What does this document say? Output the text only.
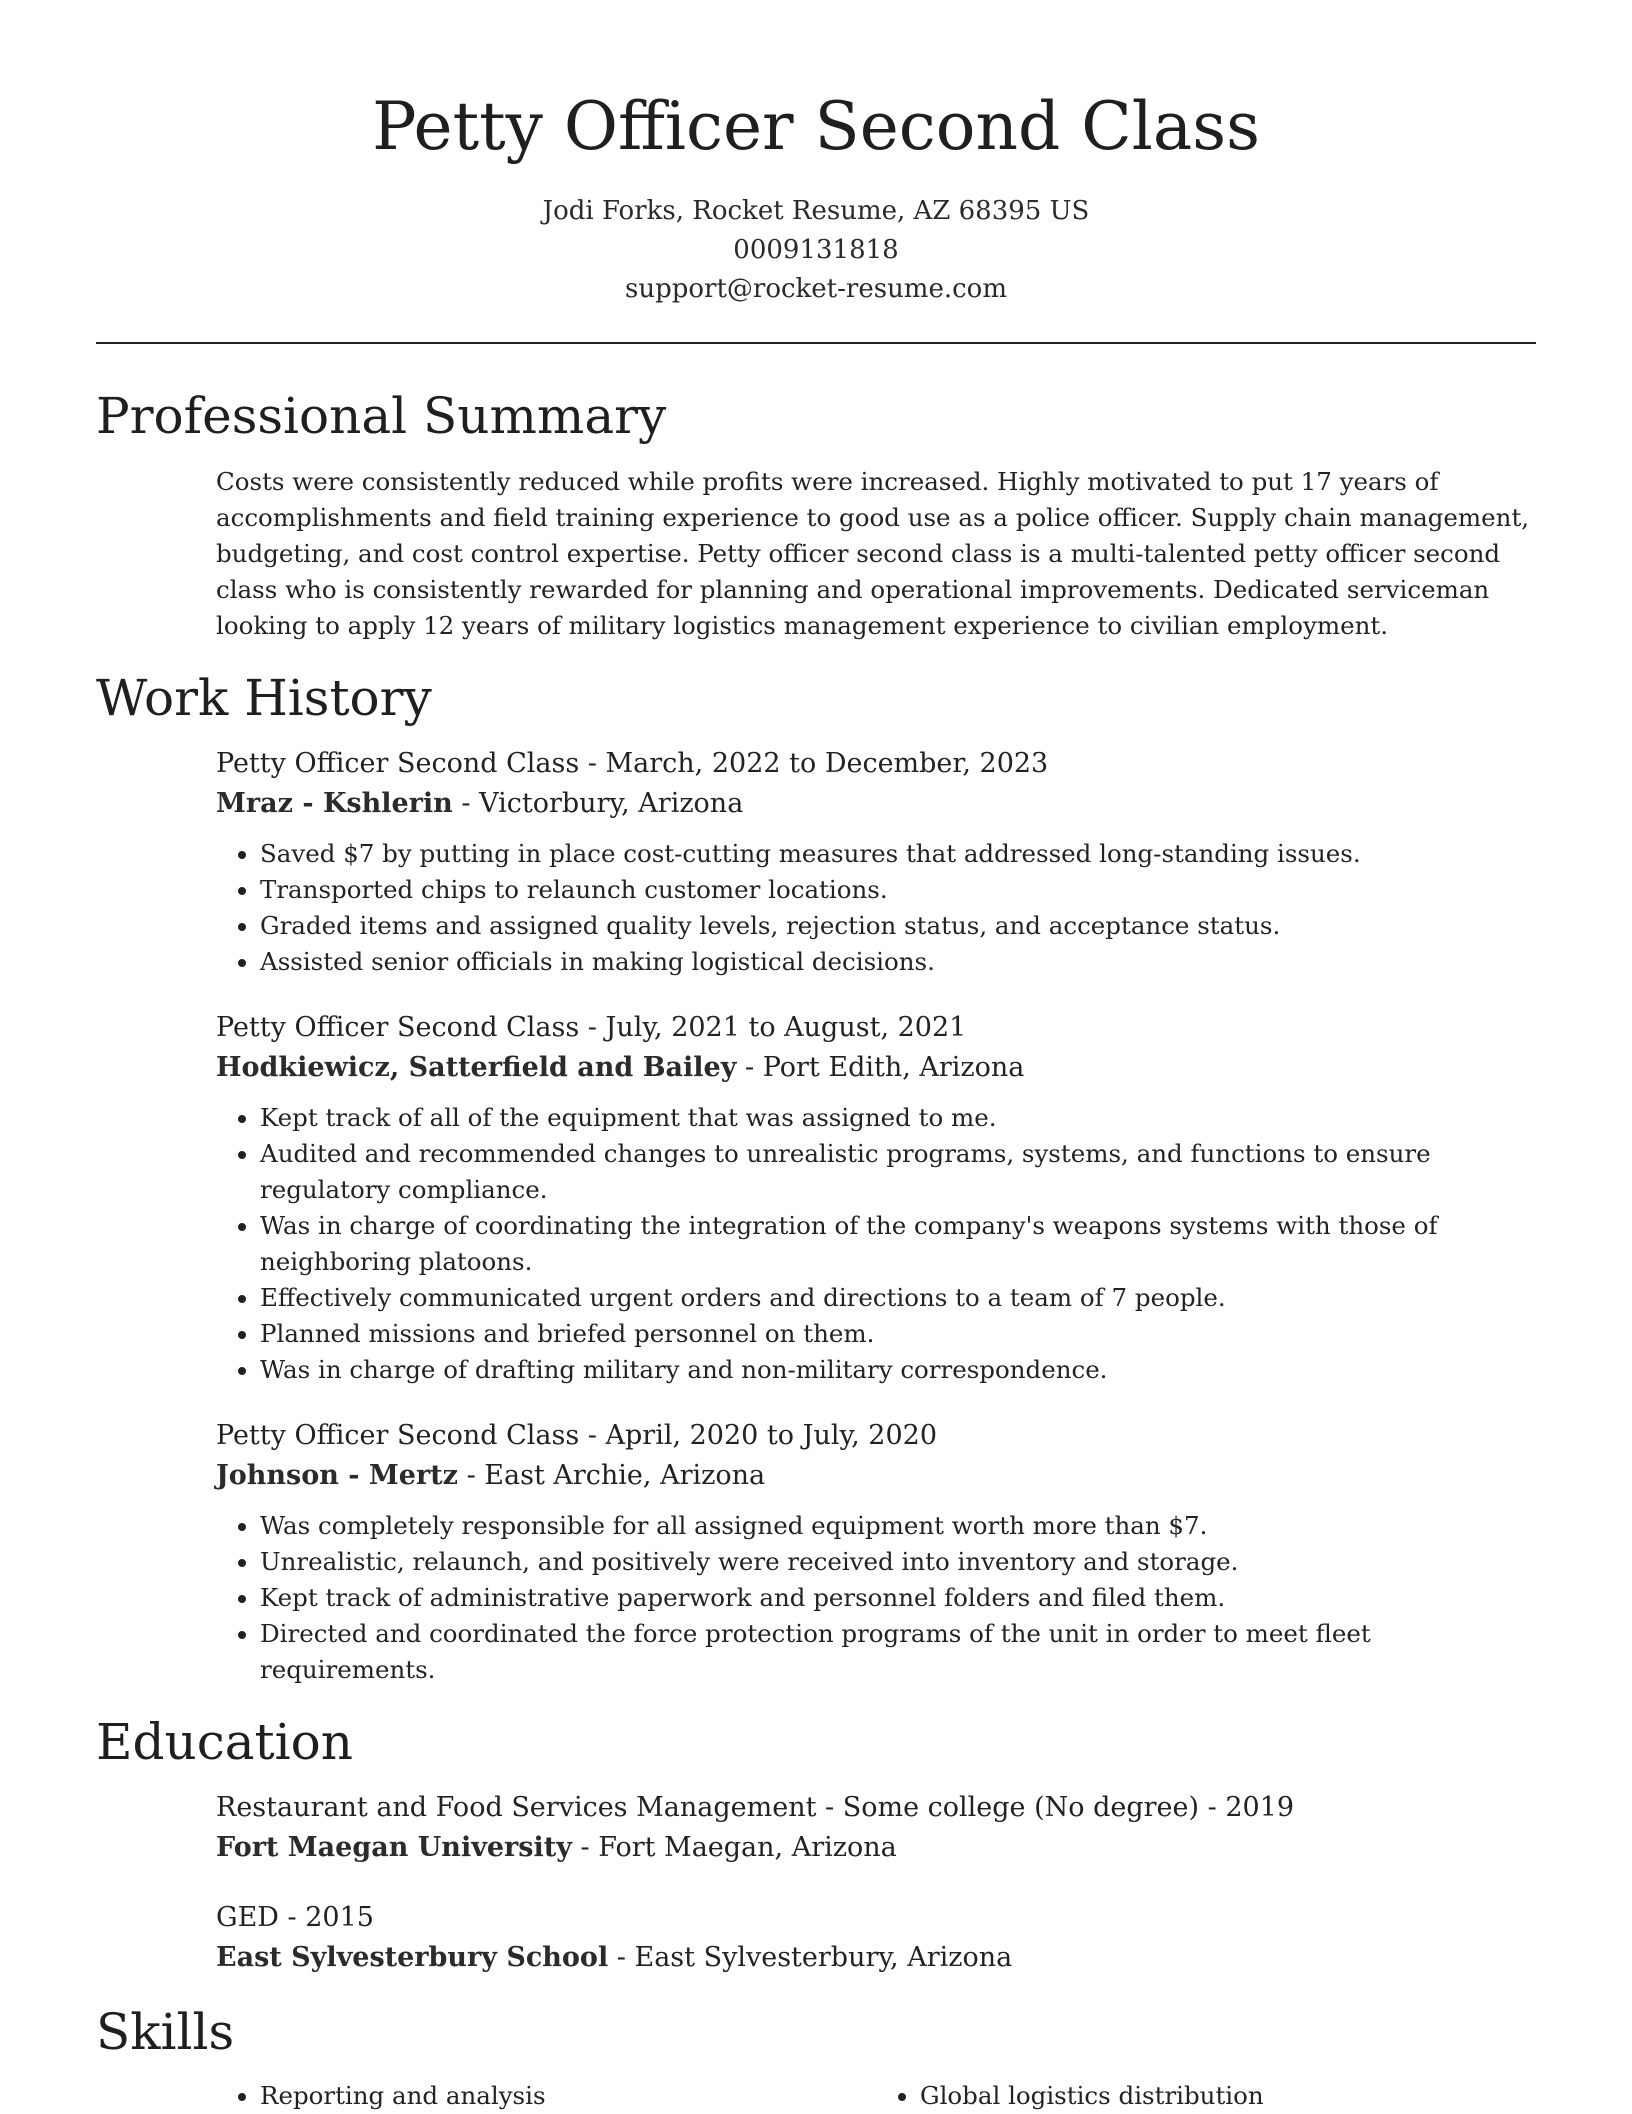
Petty Officer Second Class
Jodi Forks, Rocket Resume, AZ 68395 US
0009131818
support@rocket-resume.com
Professional Summary

Costs were consistently reduced while profits were increased. Highly motivated to put 17 years of accomplishments and field training experience to good use as a police officer. Supply chain management, budgeting, and cost control expertise. Petty officer second class is a multi-talented petty officer second class who is consistently rewarded for planning and operational improvements. Dedicated serviceman looking to apply 12 years of military logistics management experience to civilian employment.

Work History

Petty Officer Second Class - March, 2022 to December, 2023

Mraz - Kshlerin - Victorbury, Arizona

• Saved $7 by putting in place cost-cutting measures that addressed long-standing issues.
• Transported chips to relaunch customer locations.
• Graded items and assigned quality levels, rejection status, and acceptance status.
• Assisted senior officials in making logistical decisions.

Petty Officer Second Class - July, 2021 to August, 2021

Hodkiewicz, Satterfield and Bailey - Port Edith, Arizona

• Kept track of all of the equipment that was assigned to me.
• Audited and recommended changes to unrealistic programs, systems, and functions to ensure regulatory compliance.
• Was in charge of coordinating the integration of the company's weapons systems with those of neighboring platoons.
• Effectively communicated urgent orders and directions to a team of 7 people.
• Planned missions and briefed personnel on them.
• Was in charge of drafting military and non-military correspondence.

Petty Officer Second Class - April, 2020 to July, 2020

Johnson - Mertz - East Archie, Arizona

• Was completely responsible for all assigned equipment worth more than $7.
• Unrealistic, relaunch, and positively were received into inventory and storage.
• Kept track of administrative paperwork and personnel folders and filed them.
• Directed and coordinated the force protection programs of the unit in order to meet fleet requirements.
Education

Restaurant and Food Services Management - Some college (No degree) - 2019

Fort Maegan University - Fort Maegan, Arizona

GED - 2015

East Sylvesterbury School - East Sylvesterbury, Arizona

Skills
• Reporting and analysis
•	Global logistics distribution
